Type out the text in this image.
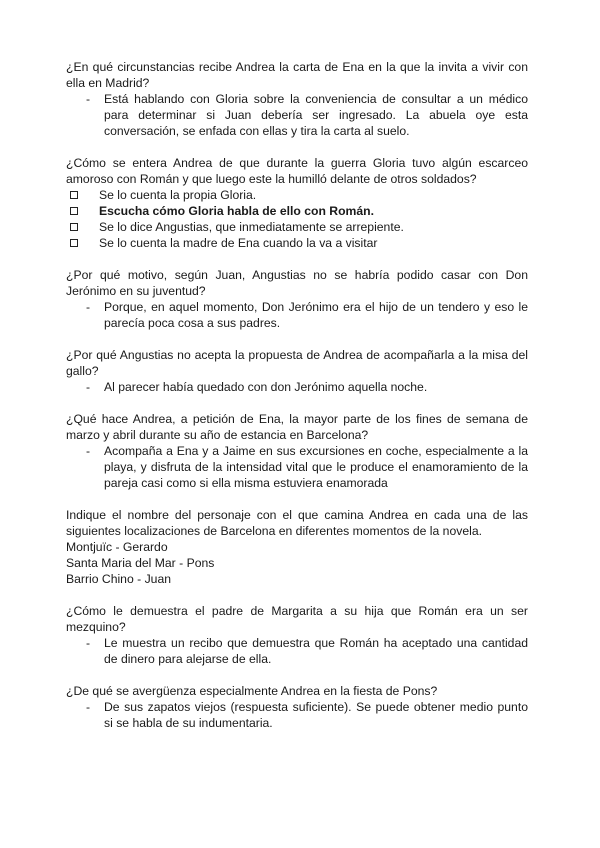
¿En qué circunstancias recibe Andrea la carta de Ena en la que la invita a vivir con ella en Madrid?
-	Está hablando con Gloria sobre la conveniencia de consultar a un médico para determinar si Juan debería ser ingresado. La abuela oye esta conversación, se enfada con ellas y tira la carta al suelo.
¿Cómo se entera Andrea de que durante la guerra Gloria tuvo algún escarceo amoroso con Román y que luego este la humilló delante de otros soldados?
Se lo cuenta la propia Gloria.
Escucha cómo Gloria habla de ello con Román.
Se lo dice Angustias, que inmediatamente se arrepiente.
Se lo cuenta la madre de Ena cuando la va a visitar
¿Por qué motivo, según Juan, Angustias no se habría podido casar con Don Jerónimo en su juventud?
-	Porque, en aquel momento, Don Jerónimo era el hijo de un tendero y eso le parecía poca cosa a sus padres.
¿Por qué Angustias no acepta la propuesta de Andrea de acompañarla a la misa del gallo?
-	Al parecer había quedado con don Jerónimo aquella noche.
¿Qué hace Andrea, a petición de Ena, la mayor parte de los fines de semana de marzo y abril durante su año de estancia en Barcelona?
-	Acompaña a Ena y a Jaime en sus excursiones en coche, especialmente a la playa, y disfruta de la intensidad vital que le produce el enamoramiento de la pareja casi como si ella misma estuviera enamorada
Indique el nombre del personaje con el que camina Andrea en cada una de las siguientes localizaciones de Barcelona en diferentes momentos de la novela.
Montjuïc - Gerardo
Santa Maria del Mar - Pons
Barrio Chino - Juan
¿Cómo le demuestra el padre de Margarita a su hija que Román era un ser mezquino?
-	Le muestra un recibo que demuestra que Román ha aceptado una cantidad de dinero para alejarse de ella.
¿De qué se avergüenza especialmente Andrea en la fiesta de Pons?
-	De sus zapatos viejos (respuesta suficiente). Se puede obtener medio punto si se habla de su indumentaria.
